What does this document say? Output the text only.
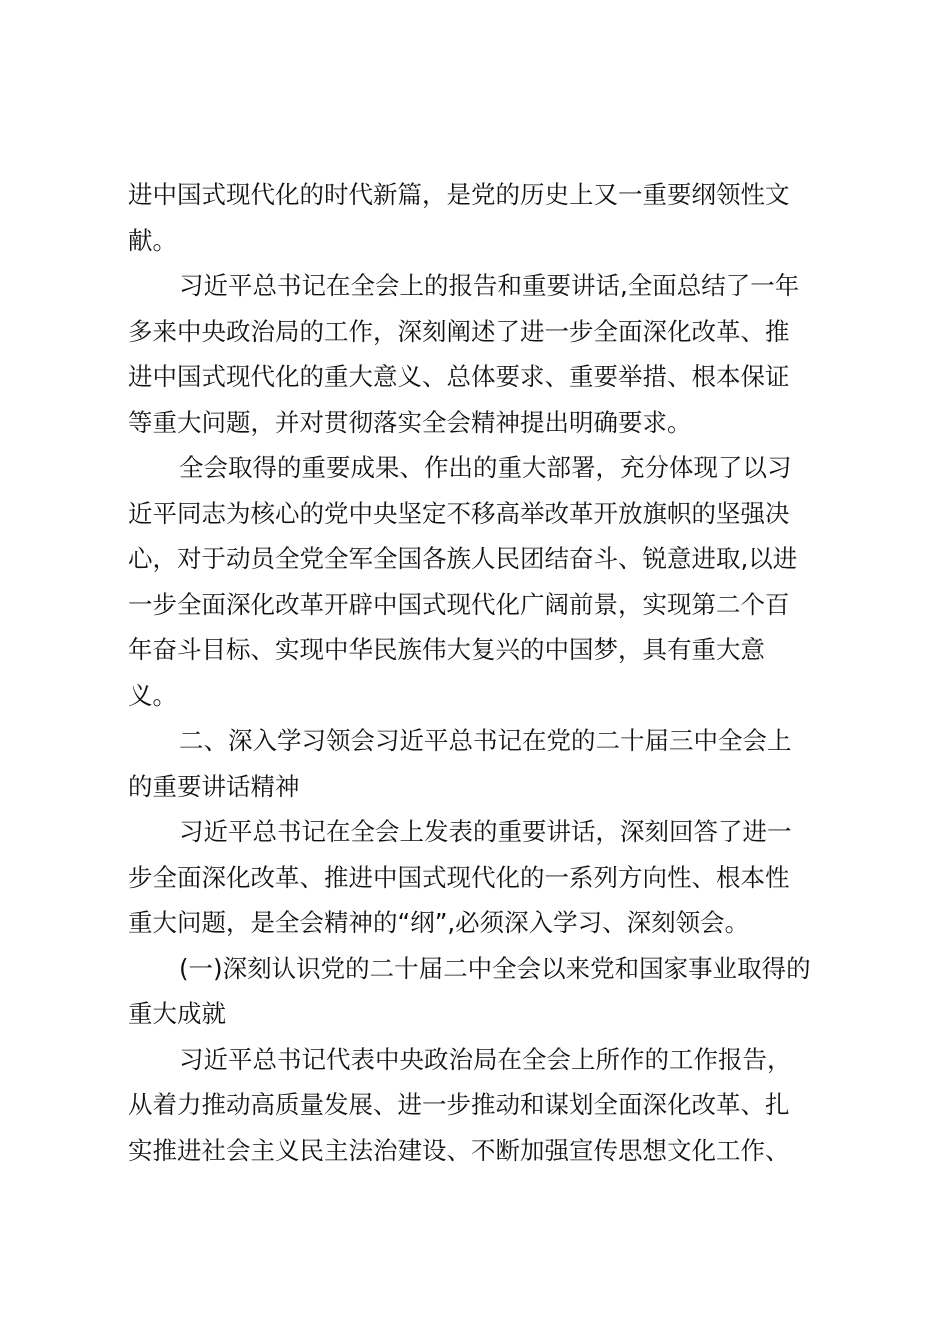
进中国式现代化的时代新篇，是党的历史上又一重要纲领性文
献。
习近平总书记在全会上的报告和重要讲话,全面总结了一年
多来中央政治局的工作，深刻阐述了进一步全面深化改革、推
进中国式现代化的重大意义、总体要求、重要举措、根本保证
等重大问题，并对贯彻落实全会精神提出明确要求。
全会取得的重要成果、作出的重大部署，充分体现了以习
近平同志为核心的党中央坚定不移高举改革开放旗帜的坚强决
心，对于动员全党全军全国各族人民团结奋斗、锐意进取,以进
一步全面深化改革开辟中国式现代化广阔前景，实现第二个百
年奋斗目标、实现中华民族伟大复兴的中国梦，具有重大意
义。
二、深入学习领会习近平总书记在党的二十届三中全会上
的重要讲话精神
习近平总书记在全会上发表的重要讲话，深刻回答了进一
步全面深化改革、推进中国式现代化的一系列方向性、根本性
重大问题，是全会精神的“纲”,必须深入学习、深刻领会。
(一)深刻认识党的二十届二中全会以来党和国家事业取得的
重大成就
习近平总书记代表中央政治局在全会上所作的工作报告，
从着力推动高质量发展、进一步推动和谋划全面深化改革、扎
实推进社会主义民主法治建设、不断加强宣传思想文化工作、
